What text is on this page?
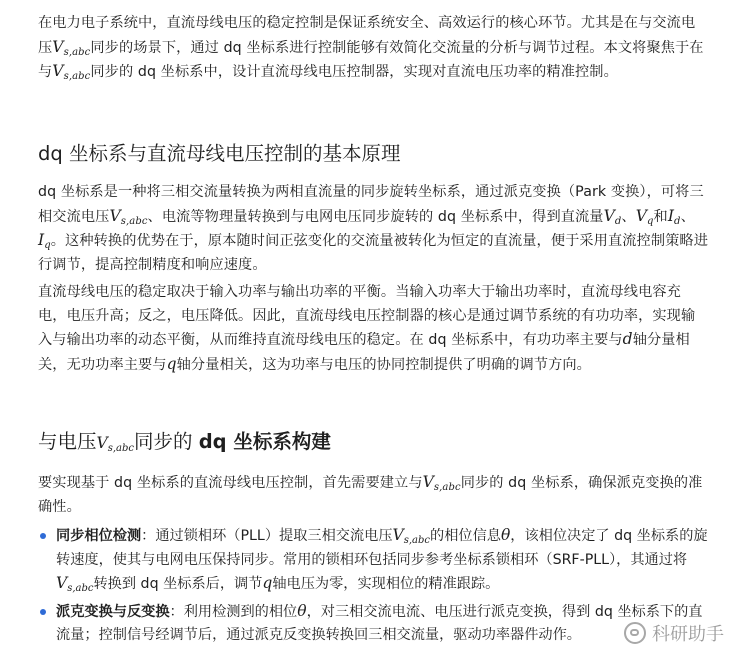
在电力电子系统中，直流母线电压的稳定控制是保证系统安全、高效运行的核心环节。尤其是在与交流电压$V_{s,abc}$同步的场景下，通过 dq 坐标系进行控制能够有效简化交流量的分析与调节过程。本文将聚焦于在与$V_{s,abc}$同步的 dq 坐标系中，设计直流母线电压控制器，实现对直流电压功率的精准控制。

dq 坐标系与直流母线电压控制的基本原理

dq 坐标系是一种将三相交流量转换为两相直流量的同步旋转坐标系，通过派克变换（Park 变换），可将三相交流电压$V_{s,abc}$、电流等物理量转换到与电网电压同步旋转的 dq 坐标系中，得到直流量$V_d$、$V_q$和$I_d$、$I_q$。这种转换的优势在于，原本随时间正弦变化的交流量被转化为恒定的直流量，便于采用直流控制策略进行调节，提高控制精度和响应速度。

直流母线电压的稳定取决于输入功率与输出功率的平衡。当输入功率大于输出功率时，直流母线电容充电，电压升高；反之，电压降低。因此，直流母线电压控制器的核心是通过调节系统的有功功率，实现输入与输出功率的动态平衡，从而维持直流母线电压的稳定。在 dq 坐标系中，有功功率主要与d轴分量相关，无功功率主要与q轴分量相关，这为功率与电压的协同控制提供了明确的调节方向。

与电压$V_{s,abc}$同步的 dq 坐标系构建

要实现基于 dq 坐标系的直流母线电压控制，首先需要建立与$V_{s,abc}$同步的 dq 坐标系，确保派克变换的准确性。

同步相位检测：通过锁相环（PLL）提取三相交流电压$V_{s,abc}$的相位信息θ，该相位决定了 dq 坐标系的旋转速度，使其与电网电压保持同步。常用的锁相环包括同步参考坐标系锁相环（SRF-PLL），其通过将$V_{s,abc}$转换到 dq 坐标系后，调节q轴电压为零，实现相位的精准跟踪。
派克变换与反变换：利用检测到的相位θ，对三相交流电流、电压进行派克变换，得到 dq 坐标系下的直流量；控制信号经调节后，通过派克反变换转换回三相交流量，驱动功率器件动作。	科研助手
